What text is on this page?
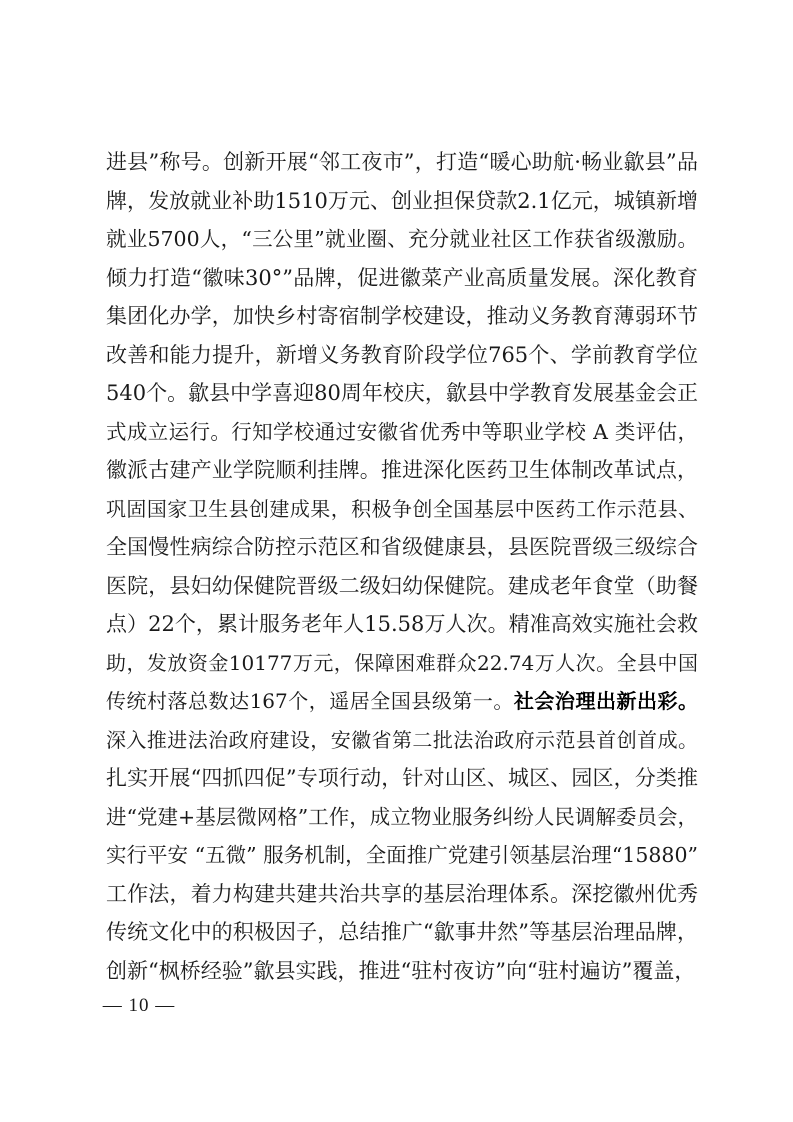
进县”称号。创新开展“邻工夜市”，打造“暖心助航·畅业歙县”品
牌，发放就业补助1510万元、创业担保贷款2.1亿元，城镇新增
就业5700人，“三公里”就业圈、充分就业社区工作获省级激励。
倾力打造“徽味30°”品牌，促进徽菜产业高质量发展。深化教育
集团化办学，加快乡村寄宿制学校建设，推动义务教育薄弱环节
改善和能力提升，新增义务教育阶段学位765个、学前教育学位
540个。歙县中学喜迎80周年校庆，歙县中学教育发展基金会正
式成立运行。行知学校通过安徽省优秀中等职业学校 A 类评估，
徽派古建产业学院顺利挂牌。推进深化医药卫生体制改革试点，
巩固国家卫生县创建成果，积极争创全国基层中医药工作示范县、
全国慢性病综合防控示范区和省级健康县，县医院晋级三级综合
医院，县妇幼保健院晋级二级妇幼保健院。建成老年食堂（助餐
点）22个，累计服务老年人15.58万人次。精准高效实施社会救
助，发放资金10177万元，保障困难群众22.74万人次。全县中国
传统村落总数达167个，遥居全国县级第一。社会治理出新出彩。
深入推进法治政府建设，安徽省第二批法治政府示范县首创首成。
扎实开展“四抓四促”专项行动，针对山区、城区、园区，分类推
进“党建+基层微网格”工作，成立物业服务纠纷人民调解委员会，
实行平安 “五微” 服务机制，全面推广党建引领基层治理“15880”
工作法，着力构建共建共治共享的基层治理体系。深挖徽州优秀
传统文化中的积极因子，总结推广“歙事井然”等基层治理品牌，
创新“枫桥经验”歙县实践，推进“驻村夜访”向“驻村遍访”覆盖，
— 10 —
